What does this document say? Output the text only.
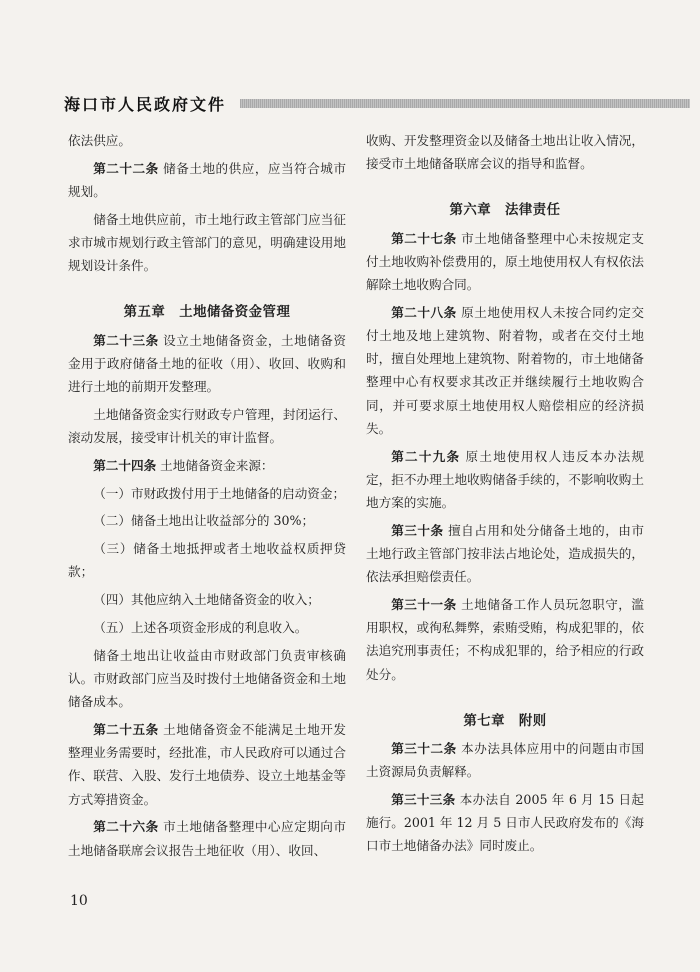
海口市人民政府文件

依法供应。

第二十二条 储备土地的供应，应当符合城市规划。

储备土地供应前，市土地行政主管部门应当征求市城市规划行政主管部门的意见，明确建设用地规划设计条件。

第五章　土地储备资金管理

第二十三条 设立土地储备资金，土地储备资金用于政府储备土地的征收（用）、收回、收购和进行土地的前期开发整理。

土地储备资金实行财政专户管理，封闭运行、滚动发展，接受审计机关的审计监督。

第二十四条 土地储备资金来源：

（一）市财政拨付用于土地储备的启动资金；

（二）储备土地出让收益部分的 30%；

（三）储备土地抵押或者土地收益权质押贷款；

（四）其他应纳入土地储备资金的收入；

（五）上述各项资金形成的利息收入。

储备土地出让收益由市财政部门负责审核确认。市财政部门应当及时拨付土地储备资金和土地储备成本。

第二十五条 土地储备资金不能满足土地开发整理业务需要时，经批准，市人民政府可以通过合作、联营、入股、发行土地债券、设立土地基金等方式筹措资金。

第二十六条 市土地储备整理中心应定期向市土地储备联席会议报告土地征收（用）、收回、

收购、开发整理资金以及储备土地出让收入情况，接受市土地储备联席会议的指导和监督。

第六章　法律责任

第二十七条 市土地储备整理中心未按规定支付土地收购补偿费用的，原土地使用权人有权依法解除土地收购合同。

第二十八条 原土地使用权人未按合同约定交付土地及地上建筑物、附着物，或者在交付土地时，擅自处理地上建筑物、附着物的，市土地储备整理中心有权要求其改正并继续履行土地收购合同，并可要求原土地使用权人赔偿相应的经济损失。

第二十九条 原土地使用权人违反本办法规定，拒不办理土地收购储备手续的，不影响收购土地方案的实施。

第三十条 擅自占用和处分储备土地的，由市土地行政主管部门按非法占地论处，造成损失的，依法承担赔偿责任。

第三十一条 土地储备工作人员玩忽职守，滥用职权，或徇私舞弊，索贿受贿，构成犯罪的，依法追究刑事责任；不构成犯罪的，给予相应的行政处分。

第七章　附则

第三十二条 本办法具体应用中的问题由市国土资源局负责解释。

第三十三条 本办法自 2005 年 6 月 15 日起施行。2001 年 12 月 5 日市人民政府发布的《海口市土地储备办法》同时废止。

10
